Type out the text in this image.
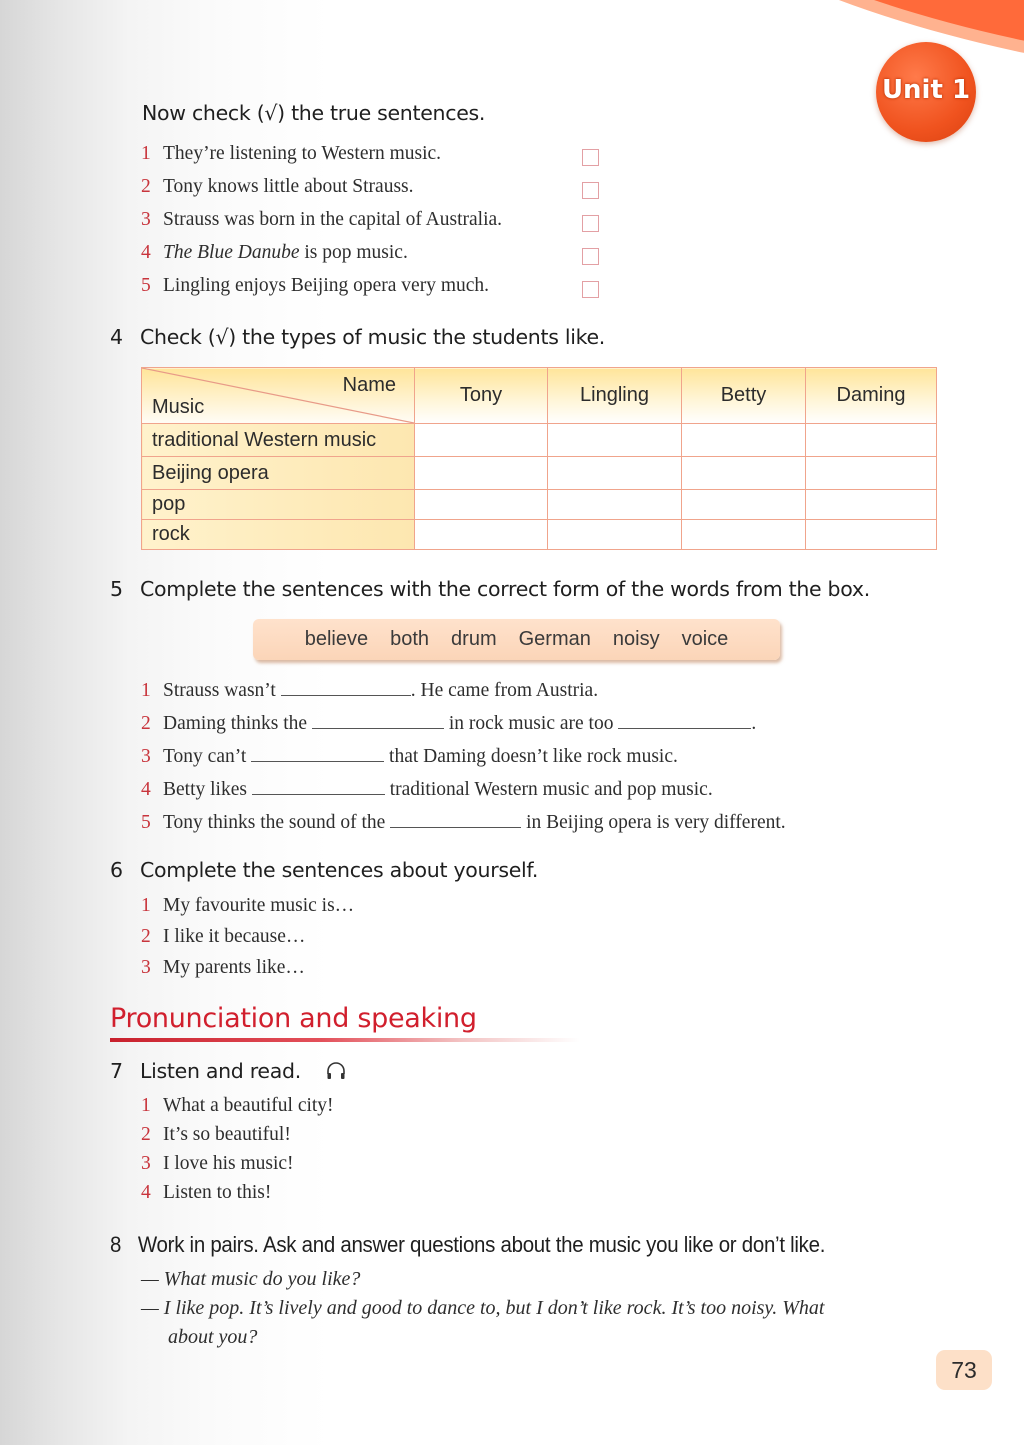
Unit 1
Now check (√) the true sentences.
1 They’re listening to Western music.
2 Tony knows little about Strauss.
3 Strauss was born in the capital of Australia.
4 The Blue Danube is pop music.
5 Lingling enjoys Beijing opera very much.
4 Check (√) the types of music the students like.
Name
Music	Tony	Lingling	Betty	Daming
traditional Western music				
Beijing opera				
pop				
rock				
5 Complete the sentences with the correct form of the words from the box.
believe both drum German noisy voice
1 Strauss wasn’t	. He came from Austria.
2 Daming thinks the	in rock music are too	.
3 Tony can’t	that Daming doesn’t like rock music.
4 Betty likes	traditional Western music and pop music.
5 Tony thinks the sound of the	in Beijing opera is very different.
6 Complete the sentences about yourself.
1 My favourite music is…
2 I like it because…
3 My parents like…
Pronunciation and speaking
7 Listen and read.
1 What a beautiful city!
2 It’s so beautiful!
3 I love his music!
4 Listen to this!
8 Work in pairs. Ask and answer questions about the music you like or don’t like.
— What music do you like?
— I like pop. It’s lively and good to dance to, but I don’t like rock. It’s too noisy. What
about you?
73
